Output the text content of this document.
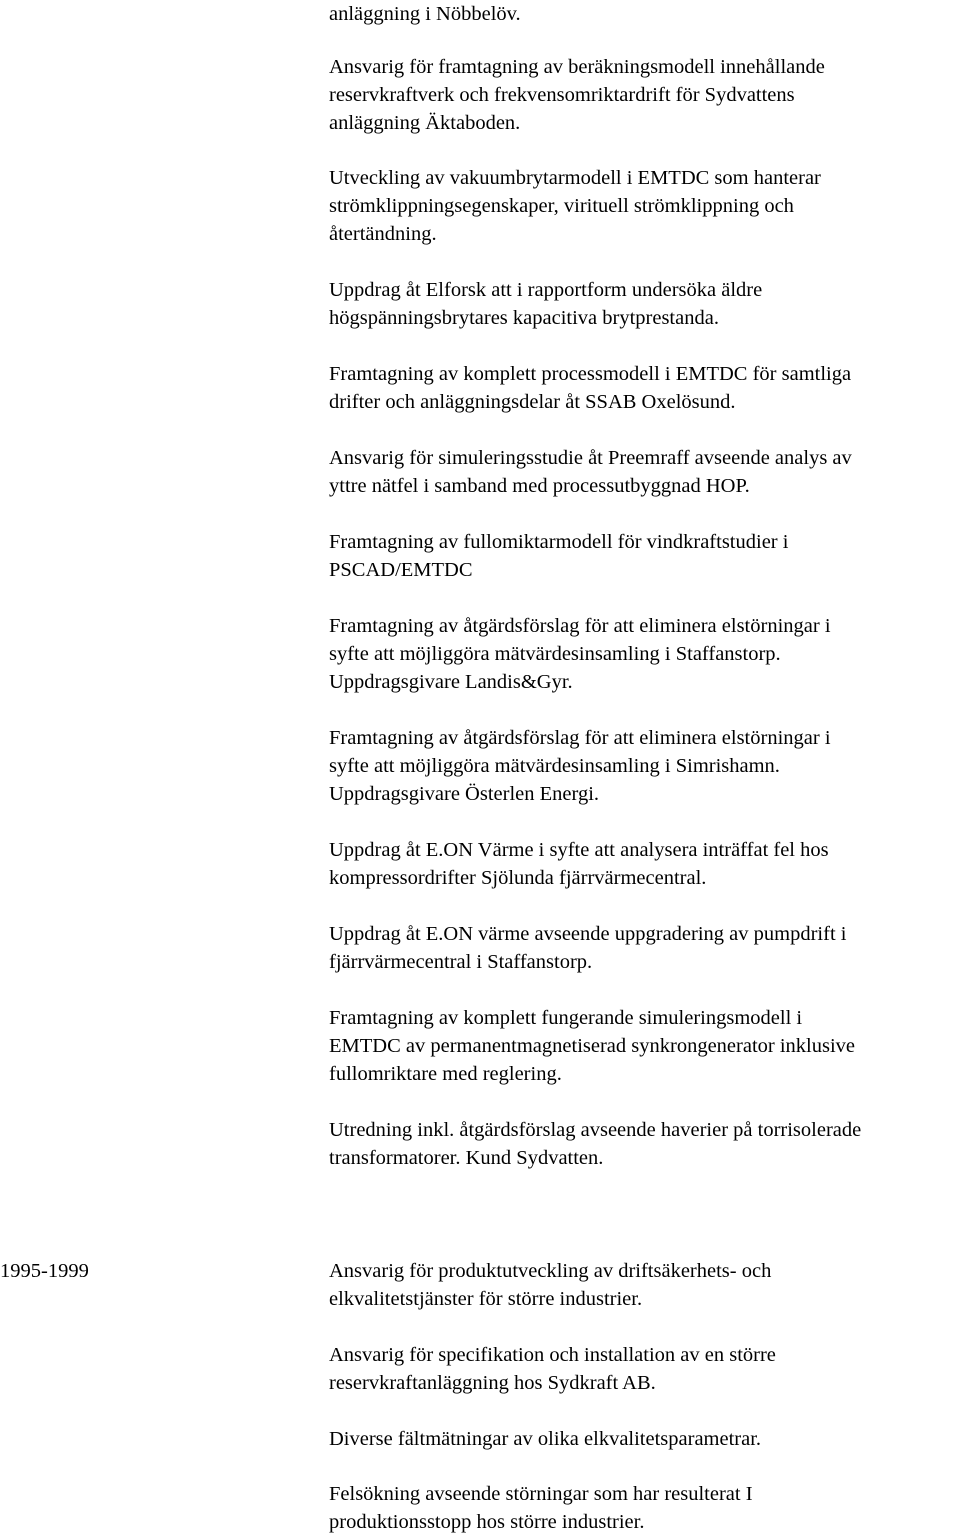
anläggning i Nöbbelöv.
Ansvarig för framtagning av beräkningsmodell innehållande
reservkraftverk och frekvensomriktardrift för Sydvattens
anläggning Äktaboden.
Utveckling av vakuumbrytarmodell i EMTDC som hanterar
strömklippningsegenskaper, virituell strömklippning och
återtändning.
Uppdrag åt Elforsk att i rapportform undersöka äldre
högspänningsbrytares kapacitiva brytprestanda.
Framtagning av komplett processmodell i EMTDC för samtliga
drifter och anläggningsdelar åt SSAB Oxelösund.
Ansvarig för simuleringsstudie åt Preemraff avseende analys av
yttre nätfel i samband med processutbyggnad HOP.
Framtagning av fullomiktarmodell för vindkraftstudier i
PSCAD/EMTDC
Framtagning av åtgärdsförslag för att eliminera elstörningar i
syfte att möjliggöra mätvärdesinsamling i Staffanstorp.
Uppdragsgivare Landis&Gyr.
Framtagning av åtgärdsförslag för att eliminera elstörningar i
syfte att möjliggöra mätvärdesinsamling i Simrishamn.
Uppdragsgivare Österlen Energi.
Uppdrag åt E.ON Värme i syfte att analysera inträffat fel hos
kompressordrifter Sjölunda fjärrvärmecentral.
Uppdrag åt E.ON värme avseende uppgradering av pumpdrift i
fjärrvärmecentral i Staffanstorp.
Framtagning av komplett fungerande simuleringsmodell i
EMTDC av permanentmagnetiserad synkrongenerator inklusive
fullomriktare med reglering.
Utredning inkl. åtgärdsförslag avseende haverier på torrisolerade
transformatorer. Kund Sydvatten.
1995-1999	Ansvarig för produktutveckling av driftsäkerhets- och
elkvalitetstjänster för större industrier.
Ansvarig för specifikation och installation av en större
reservkraftanläggning hos Sydkraft AB.
Diverse fältmätningar av olika elkvalitetsparametrar.
Felsökning avseende störningar som har resulterat I
produktionsstopp hos större industrier.
